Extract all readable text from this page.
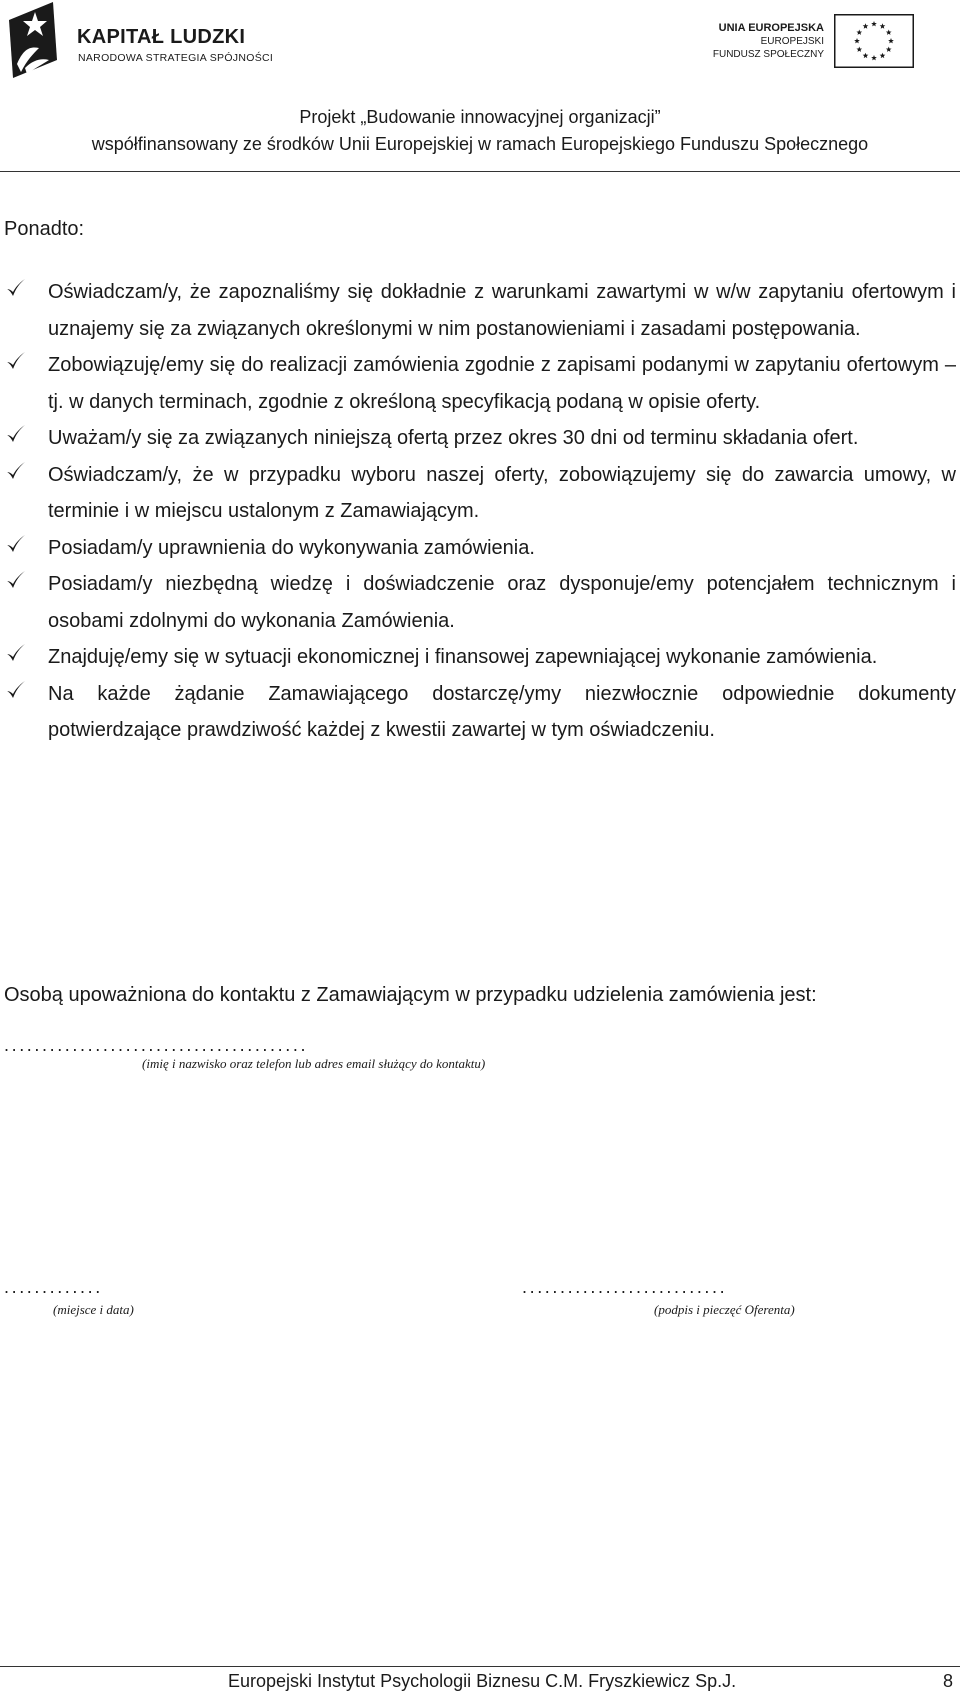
KAPITAŁ LUDZKI
NARODOWA STRATEGIA SPÓJNOŚCI
UNIA EUROPEJSKA
EUROPEJSKI
FUNDUSZ SPOŁECZNY
Projekt „Budowanie innowacyjnej organizacji”
współfinansowany ze środków Unii Europejskiej w ramach Europejskiego Funduszu Społecznego
Ponadto:
Oświadczam/y, że zapoznaliśmy się dokładnie z warunkami zawartymi w w/w zapytaniu ofertowym i uznajemy się za związanych określonymi w nim postanowieniami i zasadami postępowania.
Zobowiązuję/emy się do realizacji zamówienia zgodnie z zapisami podanymi w zapytaniu ofertowym – tj. w danych terminach, zgodnie z określoną specyfikacją podaną w opisie oferty.
Uważam/y się za związanych niniejszą ofertą przez okres 30 dni od terminu składania ofert.
Oświadczam/y, że w przypadku wyboru naszej oferty, zobowiązujemy się do zawarcia umowy, w terminie i w miejscu ustalonym z Zamawiającym.
Posiadam/y uprawnienia do wykonywania zamówienia.
Posiadam/y niezbędną wiedzę i doświadczenie oraz dysponuje/emy potencjałem technicznym i osobami zdolnymi do wykonania Zamówienia.
Znajduję/emy się w sytuacji ekonomicznej i finansowej zapewniającej wykonanie zamówienia.
Na każde żądanie Zamawiającego dostarczę/ymy niezwłocznie odpowiednie dokumenty potwierdzające prawdziwość każdej z kwestii zawartej w tym oświadczeniu.
Osobą upoważniona do kontaktu z Zamawiającym w przypadku udzielenia zamówienia jest:
........................................
(imię i nazwisko oraz telefon lub adres email służący do kontaktu)
.............
(miejsce i data)
...........................
(podpis i pieczęć Oferenta)
Europejski Instytut Psychologii Biznesu C.M. Fryszkiewicz Sp.J.	8
